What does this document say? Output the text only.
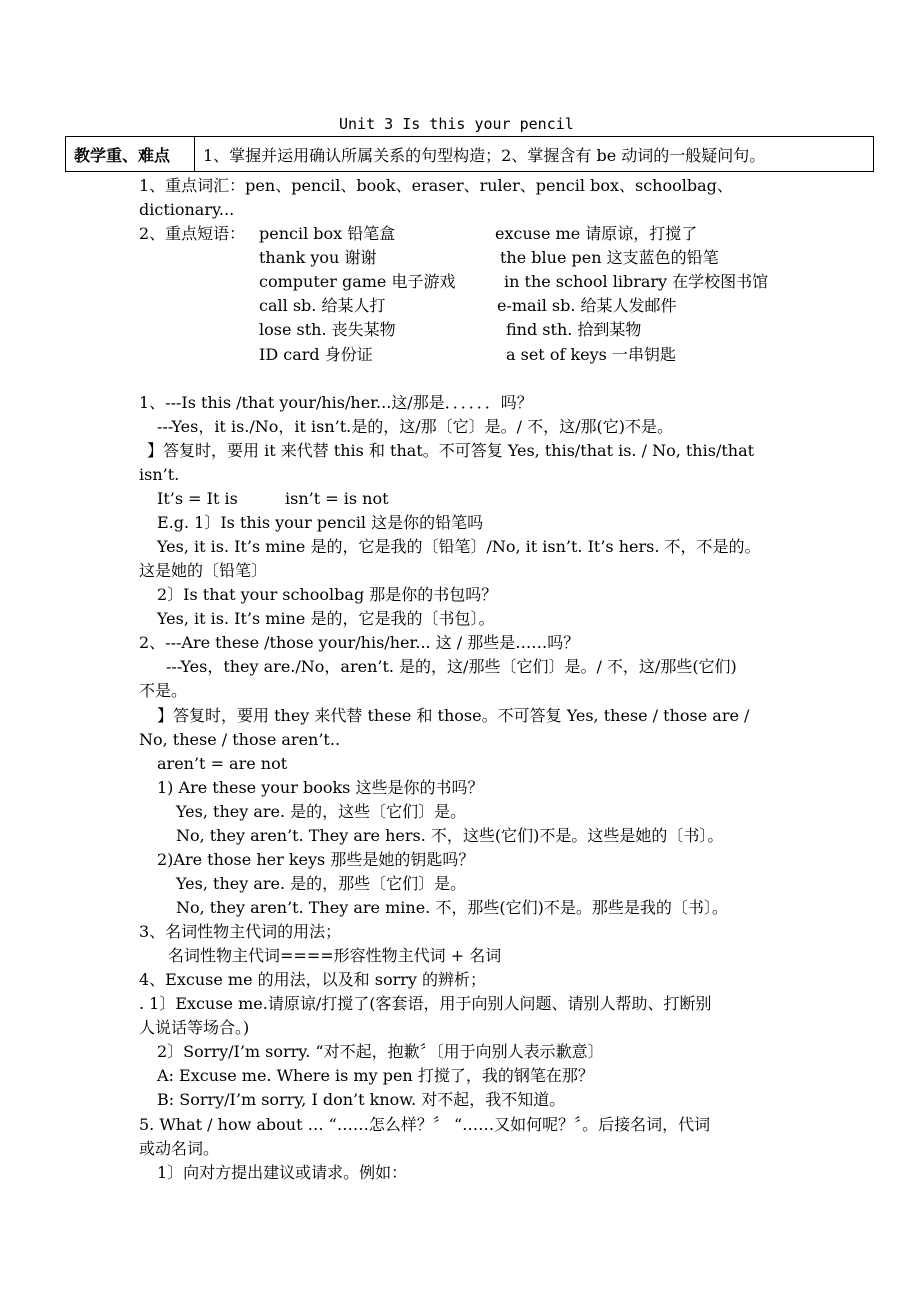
Unit 3 Is this your pencil
教学重、难点	1、掌握并运用确认所属关系的句型构造；2、掌握含有 be 动词的一般疑问句。
1、重点词汇：pen、pencil、book、eraser、ruler、pencil box、schoolbag、
dictionary...
2、重点短语： pencil box 铅笔盒	excuse me 请原谅，打搅了
thank you 谢谢	the blue pen 这支蓝色的铅笔
computer game 电子游戏	in the school library 在学校图书馆
call sb. 给某人打	e-mail sb. 给某人发邮件
lose sth. 丧失某物	find sth. 拾到某物
ID card 身份证	a set of keys 一串钥匙
1、---Is this /that your/his/her...这/那是．．．．．．吗？
---Yes，it is./No，it isn’t.是的，这/那〔它〕是。/ 不，这/那(它)不是。
】答复时，要用 it 来代替 this 和 that。不可答复 Yes, this/that is. / No, this/that
isn’t.
It’s = It is	isn’t = is not
E.g. 1〕Is this your pencil 这是你的铅笔吗
Yes, it is. It’s mine 是的，它是我的〔铅笔〕/No, it isn’t. It’s hers. 不，不是的。
这是她的〔铅笔〕
2〕Is that your schoolbag 那是你的书包吗？
Yes, it is. It’s mine 是的，它是我的〔书包〕。
2、---Are these /those your/his/her... 这 / 那些是……吗？
---Yes，they are./No，aren’t. 是的，这/那些〔它们〕是。/ 不，这/那些(它们)
不是。
】答复时，要用 they 来代替 these 和 those。不可答复 Yes, these / those are /
No, these / those aren’t..
aren’t = are not
1) Are these your books 这些是你的书吗？
Yes, they are. 是的，这些〔它们〕是。
No, they aren’t. They are hers. 不，这些(它们)不是。这些是她的〔书〕。
2)Are those her keys 那些是她的钥匙吗？
Yes, they are. 是的，那些〔它们〕是。
No, they aren’t. They are mine. 不，那些(它们)不是。那些是我的〔书〕。
3、名词性物主代词的用法；
名词性物主代词====形容性物主代词 + 名词
4、Excuse me 的用法，以及和 sorry 的辨析；
. 1〕Excuse me.请原谅/打搅了(客套语，用于向别人问题、请别人帮助、打断别
人说话等场合。)
2〕Sorry/I’m sorry. “对不起，抱歉〞〔用于向别人表示歉意〕
A: Excuse me. Where is my pen 打搅了，我的钢笔在那？
B: Sorry/I’m sorry, I don’t know. 对不起，我不知道。
5. What / how about … “……怎么样？〞 “……又如何呢？〞。后接名词，代词
或动名词。
1〕向对方提出建议或请求。例如：
